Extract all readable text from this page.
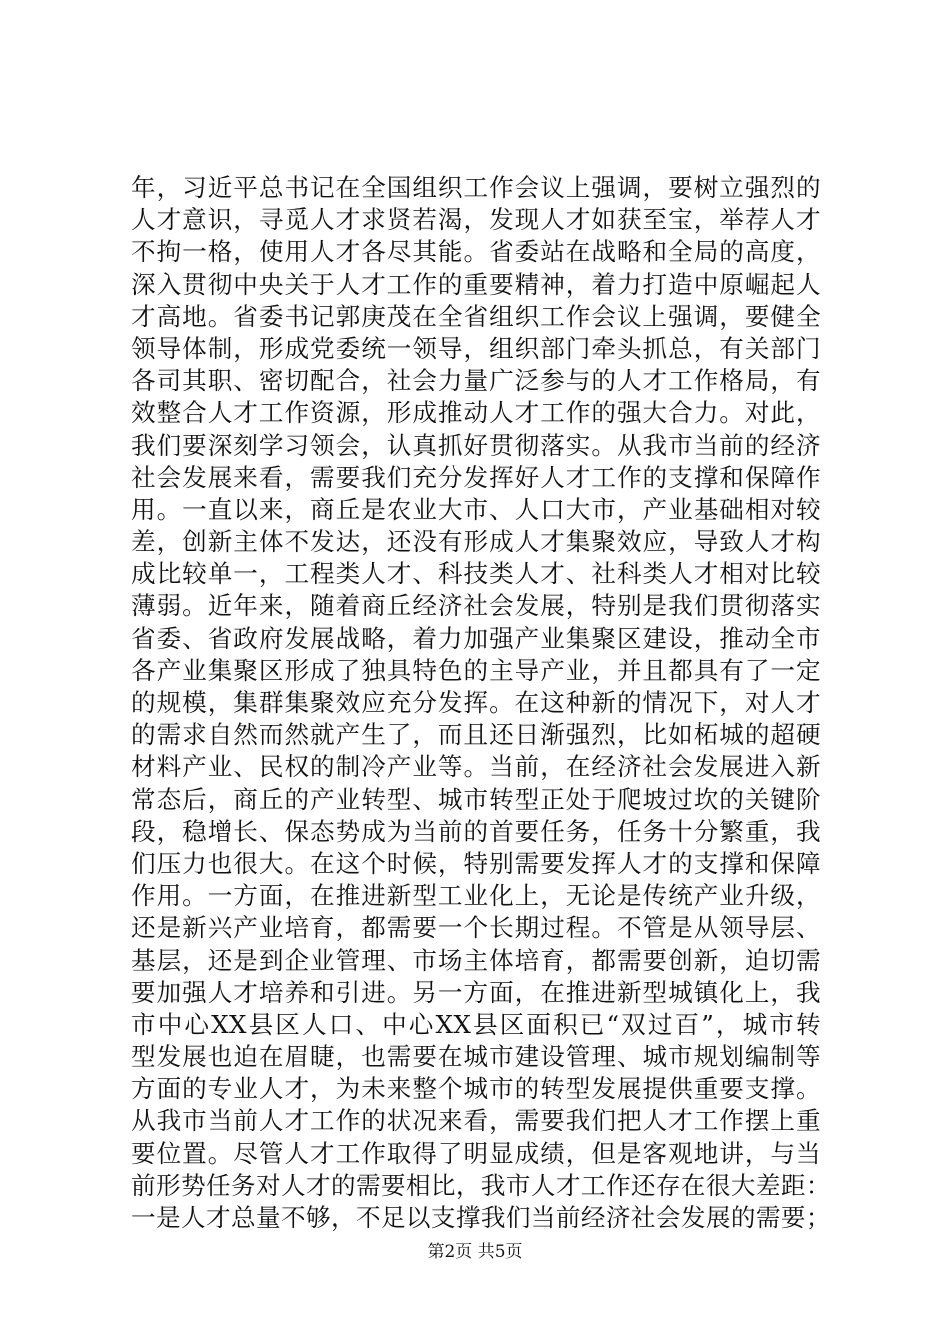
年，习近平总书记在全国组织工作会议上强调，要树立强烈的
人才意识，寻觅人才求贤若渴，发现人才如获至宝，举荐人才
不拘一格，使用人才各尽其能。省委站在战略和全局的高度，
深入贯彻中央关于人才工作的重要精神，着力打造中原崛起人
才高地。省委书记郭庚茂在全省组织工作会议上强调，要健全
领导体制，形成党委统一领导，组织部门牵头抓总，有关部门
各司其职、密切配合，社会力量广泛参与的人才工作格局，有
效整合人才工作资源，形成推动人才工作的强大合力。对此，
我们要深刻学习领会，认真抓好贯彻落实。从我市当前的经济
社会发展来看，需要我们充分发挥好人才工作的支撑和保障作
用。一直以来，商丘是农业大市、人口大市，产业基础相对较
差，创新主体不发达，还没有形成人才集聚效应，导致人才构
成比较单一，工程类人才、科技类人才、社科类人才相对比较
薄弱。近年来，随着商丘经济社会发展，特别是我们贯彻落实
省委、省政府发展战略，着力加强产业集聚区建设，推动全市
各产业集聚区形成了独具特色的主导产业，并且都具有了一定
的规模，集群集聚效应充分发挥。在这种新的情况下，对人才
的需求自然而然就产生了，而且还日渐强烈，比如柘城的超硬
材料产业、民权的制冷产业等。当前，在经济社会发展进入新
常态后，商丘的产业转型、城市转型正处于爬坡过坎的关键阶
段，稳增长、保态势成为当前的首要任务，任务十分繁重，我
们压力也很大。在这个时候，特别需要发挥人才的支撑和保障
作用。一方面，在推进新型工业化上，无论是传统产业升级，
还是新兴产业培育，都需要一个长期过程。不管是从领导层、
基层，还是到企业管理、市场主体培育，都需要创新，迫切需
要加强人才培养和引进。另一方面，在推进新型城镇化上，我
市中心XX县区人口、中心XX县区面积已“双过百”，城市转
型发展也迫在眉睫，也需要在城市建设管理、城市规划编制等
方面的专业人才，为未来整个城市的转型发展提供重要支撑。
从我市当前人才工作的状况来看，需要我们把人才工作摆上重
要位置。尽管人才工作取得了明显成绩，但是客观地讲，与当
前形势任务对人才的需要相比，我市人才工作还存在很大差距：
一是人才总量不够，不足以支撑我们当前经济社会发展的需要；
第2页 共5页
